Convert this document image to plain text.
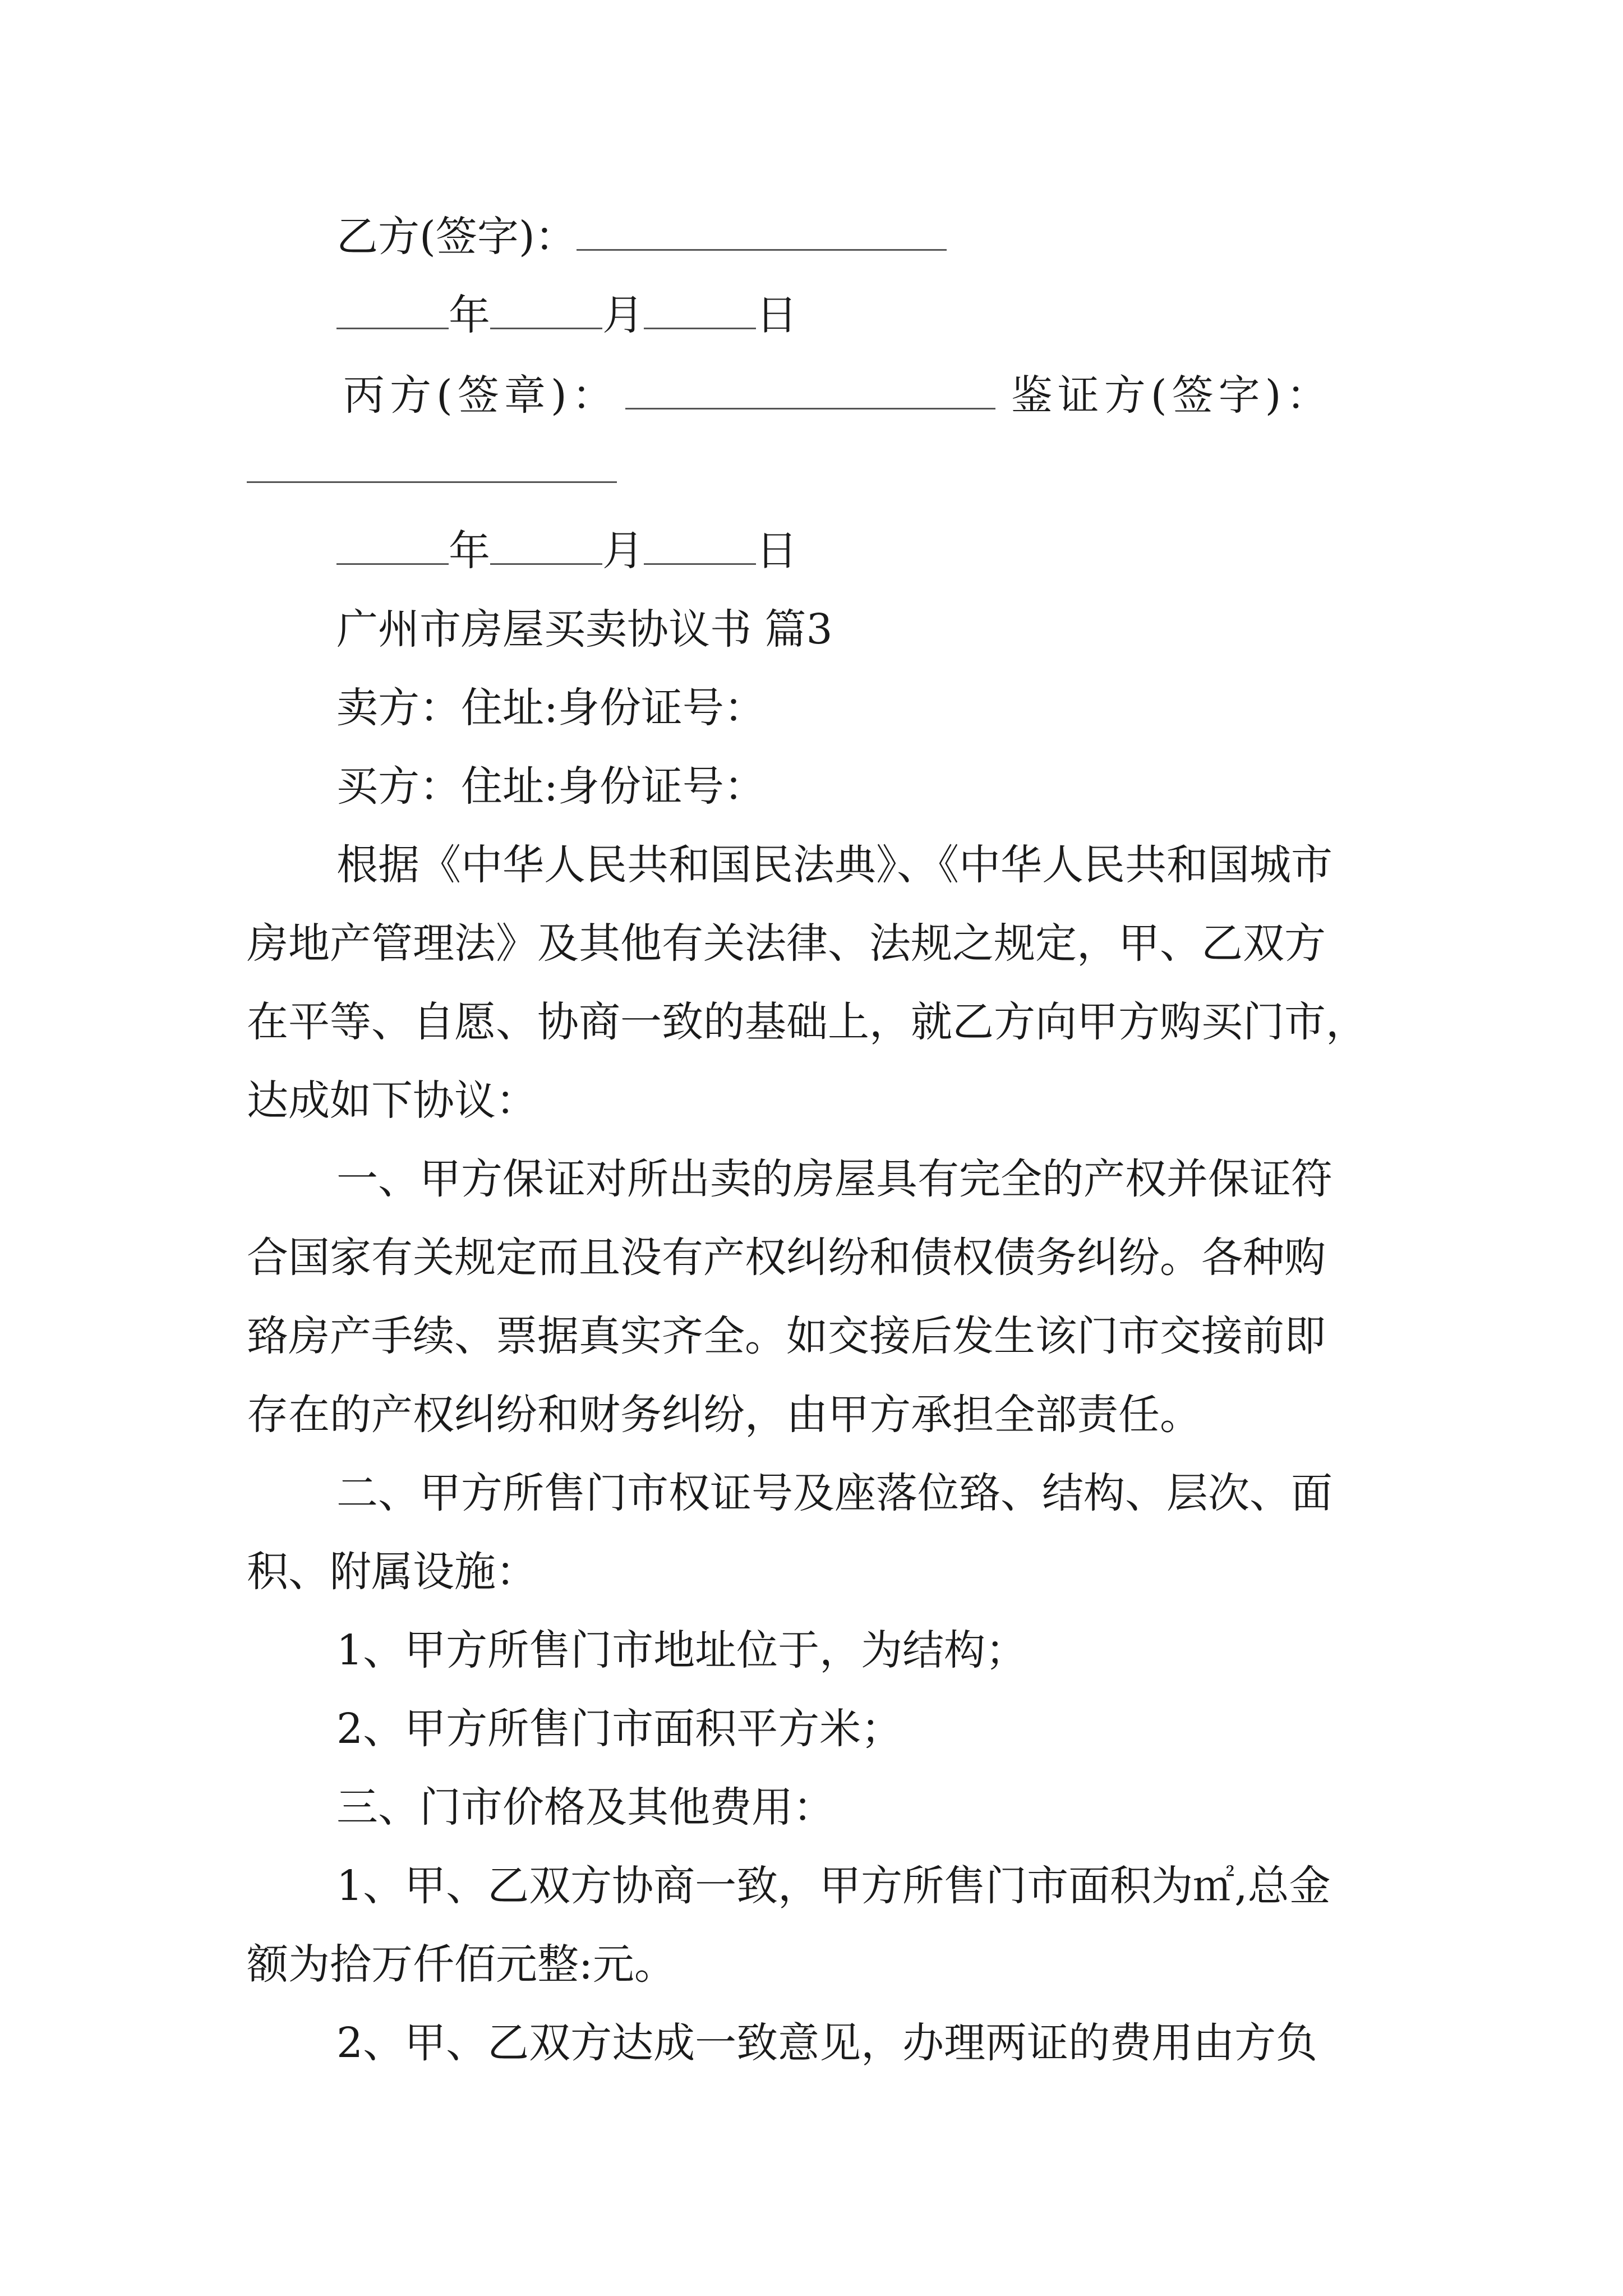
乙方(签字)：

年	月	日

丙方(签章)：	鉴证方(签字)：

年	月	日

广州市房屋买卖协议书 篇3

卖方：住址:身份证号：

买方：住址:身份证号：

根据《中华人民共和国民法典》、《中华人民共和国城市

房地产管理法》及其他有关法律、法规之规定，甲、乙双方

在平等、自愿、协商一致的基础上，就乙方向甲方购买门市，

达成如下协议：

一、甲方保证对所出卖的房屋具有完全的产权并保证符

合国家有关规定而且没有产权纠纷和债权债务纠纷。各种购

臵房产手续、票据真实齐全。如交接后发生该门市交接前即

存在的产权纠纷和财务纠纷，由甲方承担全部责任。

二、甲方所售门市权证号及座落位臵、结构、层次、面

积、附属设施：

1、甲方所售门市地址位于，为结构；

2、甲方所售门市面积平方米；

三、门市价格及其他费用：

1、甲、乙双方协商一致，甲方所售门市面积为㎡,总金

额为拾万仟佰元整:元。

2、甲、乙双方达成一致意见，办理两证的费用由方负
